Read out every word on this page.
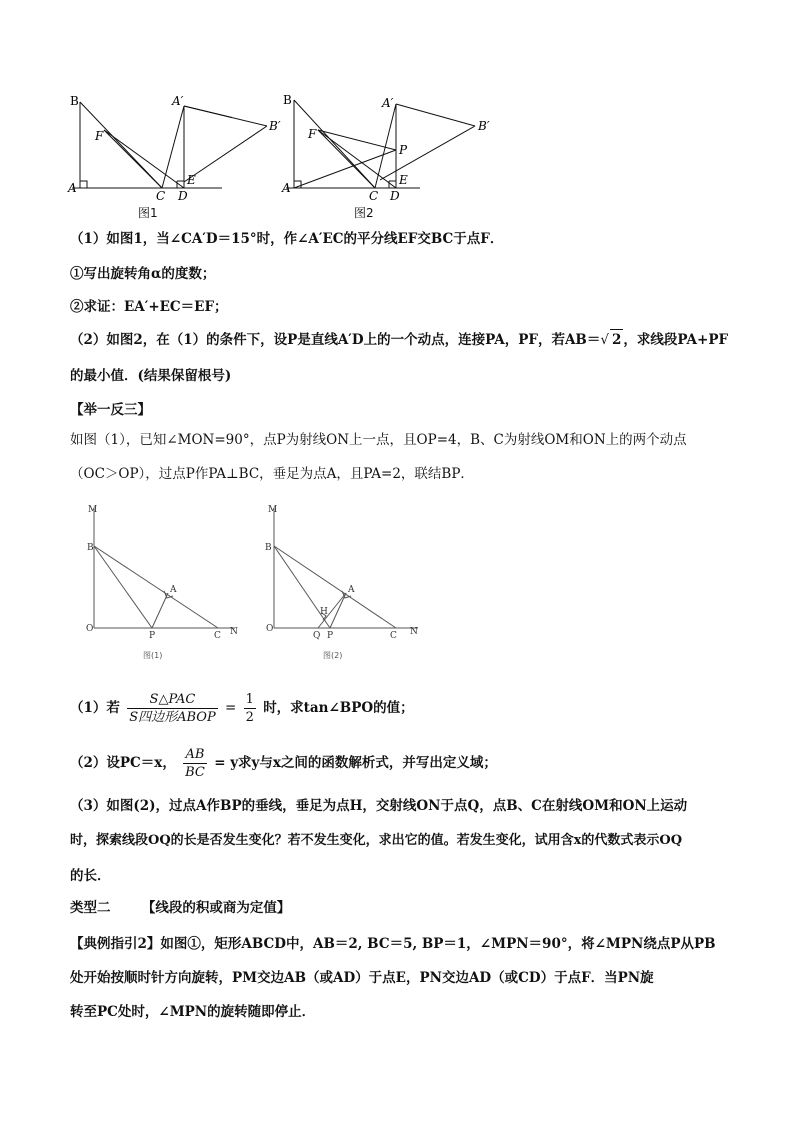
B	A′
F
A
C D
E
B′
图1
B	A′
B′
F
P
A
C D
E
图2
（1）如图1，当∠CA′D＝15°时，作∠A′EC的平分线EF交BC于点F．
①写出旋转角α的度数；
②求证：EA′+EC＝EF；
（2）如图2，在（1）的条件下，设P是直线A′D上的一个动点，连接PA，PF，若AB＝√ 2 ，求线段PA+PF
的最小值．(结果保留根号)
【举一反三】
如图（1），已知∠MON=90°，点P为射线ON上一点，且OP=4，B、C为射线OM和ON上的两个动点
（OC＞OP），过点P作PA⊥BC，垂足为点A，且PA=2，联结BP．
M
B
A
O
P	C N
图(1)
M
B
A
H
O
Q P	C N
图(2)
（1）若 $\frac{\text{S△PAC}}{\text{S四边形ABOP}} = \frac{1}{2}$ 时，求tan∠BPO的值；
（2）设PC＝x， $\frac{AB}{BC} = y$求y与x之间的函数解析式，并写出定义域；
（3）如图(2)，过点A作BP的垂线，垂足为点H，交射线ON于点Q，点B、C在射线OM和ON上运动
时，探索线段OQ的长是否发生变化？若不发生变化，求出它的值。若发生变化，试用含x的代数式表示OQ
的长．
类型二 【线段的积或商为定值】
【典例指引2】如图①，矩形ABCD中，AB＝2, BC＝5, BP＝1，∠MPN＝90°，将∠MPN绕点P从PB
处开始按顺时针方向旋转，PM交边AB（或AD）于点E，PN交边AD（或CD）于点F．当PN旋
转至PC处时，∠MPN的旋转随即停止．
